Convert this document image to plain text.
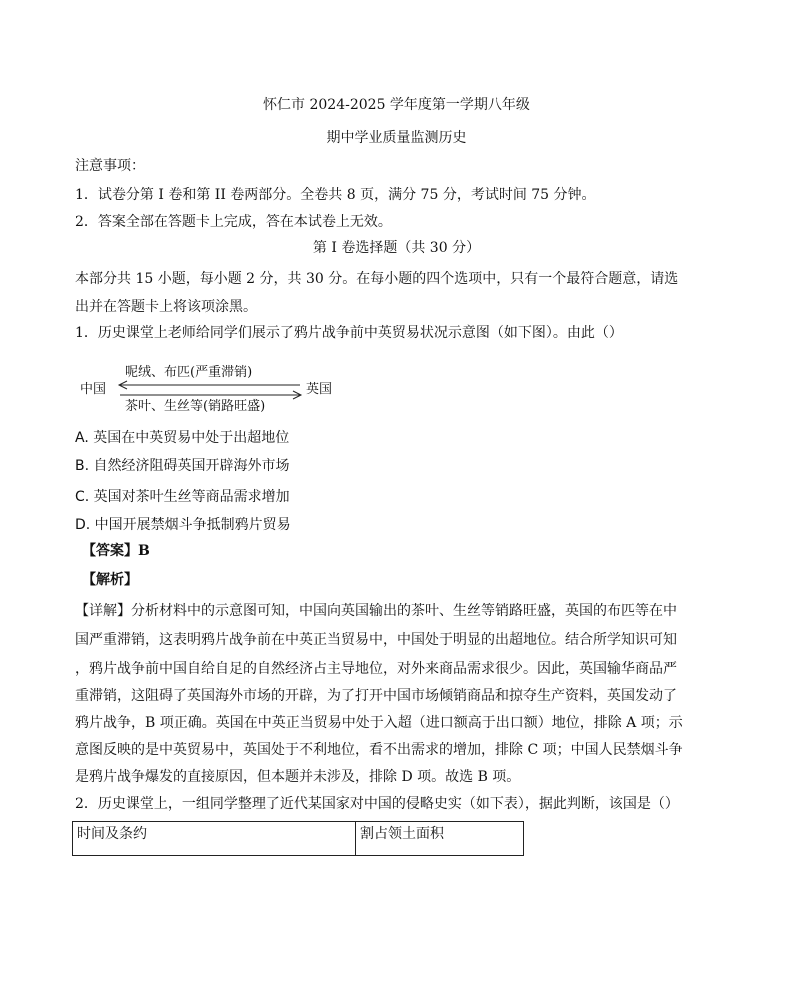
怀仁市 2024-2025 学年度第一学期八年级
期中学业质量监测历史
注意事项：
1．试卷分第 I 卷和第 II 卷两部分。全卷共 8 页，满分 75 分，考试时间 75 分钟。
2．答案全部在答题卡上完成，答在本试卷上无效。
第 I 卷选择题（共 30 分）
本部分共 15 小题，每小题 2 分，共 30 分。在每小题的四个选项中，只有一个最符合题意，请选
出并在答题卡上将该项涂黑。
1．历史课堂上老师给同学们展示了鸦片战争前中英贸易状况示意图（如下图）。由此（）
中国
呢绒、布匹(严重滞销)
英国
茶叶、生丝等(销路旺盛)
A. 英国在中英贸易中处于出超地位
B. 自然经济阻碍英国开辟海外市场
C. 英国对茶叶生丝等商品需求增加
D. 中国开展禁烟斗争抵制鸦片贸易
【答案】B
【解析】
【详解】分析材料中的示意图可知，中国向英国输出的茶叶、生丝等销路旺盛，英国的布匹等在中
国严重滞销，这表明鸦片战争前在中英正当贸易中，中国处于明显的出超地位。结合所学知识可知
，鸦片战争前中国自给自足的自然经济占主导地位，对外来商品需求很少。因此，英国输华商品严
重滞销，这阻碍了英国海外市场的开辟，为了打开中国市场倾销商品和掠夺生产资料，英国发动了
鸦片战争，B 项正确。英国在中英正当贸易中处于入超（进口额高于出口额）地位，排除 A 项；示
意图反映的是中英贸易中，英国处于不利地位，看不出需求的增加，排除 C 项；中国人民禁烟斗争
是鸦片战争爆发的直接原因，但本题并未涉及，排除 D 项。故选 B 项。
2．历史课堂上，一组同学整理了近代某国家对中国的侵略史实（如下表），据此判断，该国是（）
时间及条约	割占领土面积
